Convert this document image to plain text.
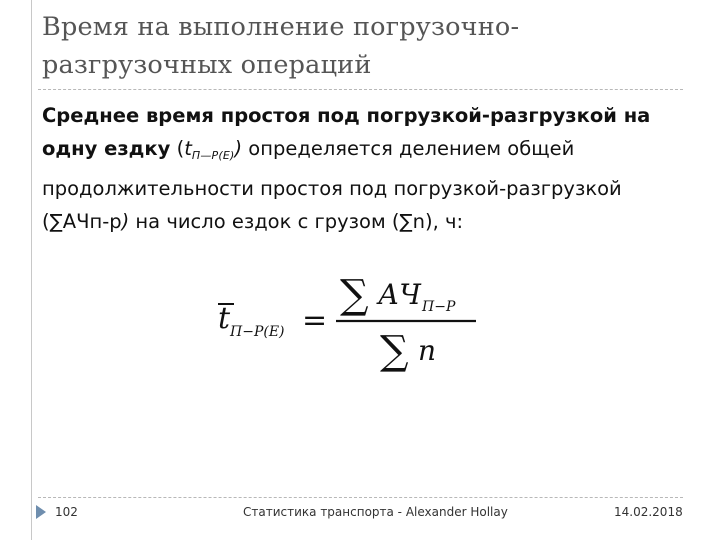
Время на выполнение погрузочно-
разгрузочных операций
Среднее время простоя под погрузкой-разгрузкой на одну ездку $(t_{П—Р(Е)})$ определяется делением общей продолжительности простоя под погрузкой-разгрузкой (∑АЧп-р) на число ездок с грузом (∑n), ч:
t П−Р(Е) =
∑ АЧ П−Р
∑ n
102	Статистика транспорта - Alexander Hollay	14.02.2018
